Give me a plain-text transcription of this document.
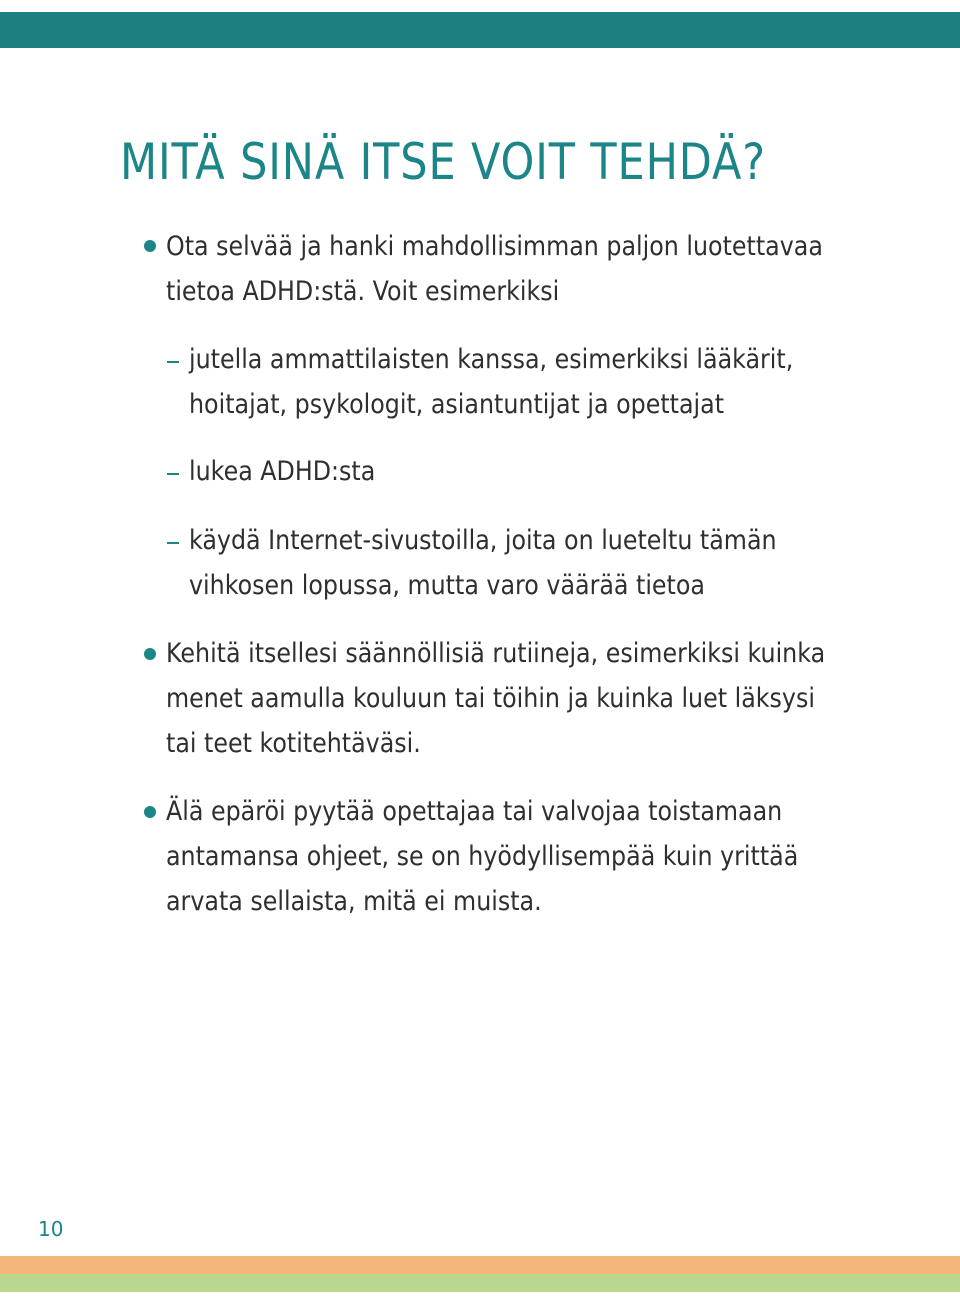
MITÄ SINÄ ITSE VOIT TEHDÄ?
Ota selvää ja hanki mahdollisimman paljon luotettavaa
tietoa ADHD:stä. Voit esimerkiksi
jutella ammattilaisten kanssa, esimerkiksi lääkärit,
hoitajat, psykologit, asiantuntijat ja opettajat
lukea ADHD:sta
käydä Internet-sivustoilla, joita on lueteltu tämän
vihkosen lopussa, mutta varo väärää tietoa
Kehitä itsellesi säännöllisiä rutiineja, esimerkiksi kuinka
menet aamulla kouluun tai töihin ja kuinka luet läksysi
tai teet kotitehtäväsi.
Älä epäröi pyytää opettajaa tai valvojaa toistamaan
antamansa ohjeet, se on hyödyllisempää kuin yrittää
arvata sellaista, mitä ei muista.
10
